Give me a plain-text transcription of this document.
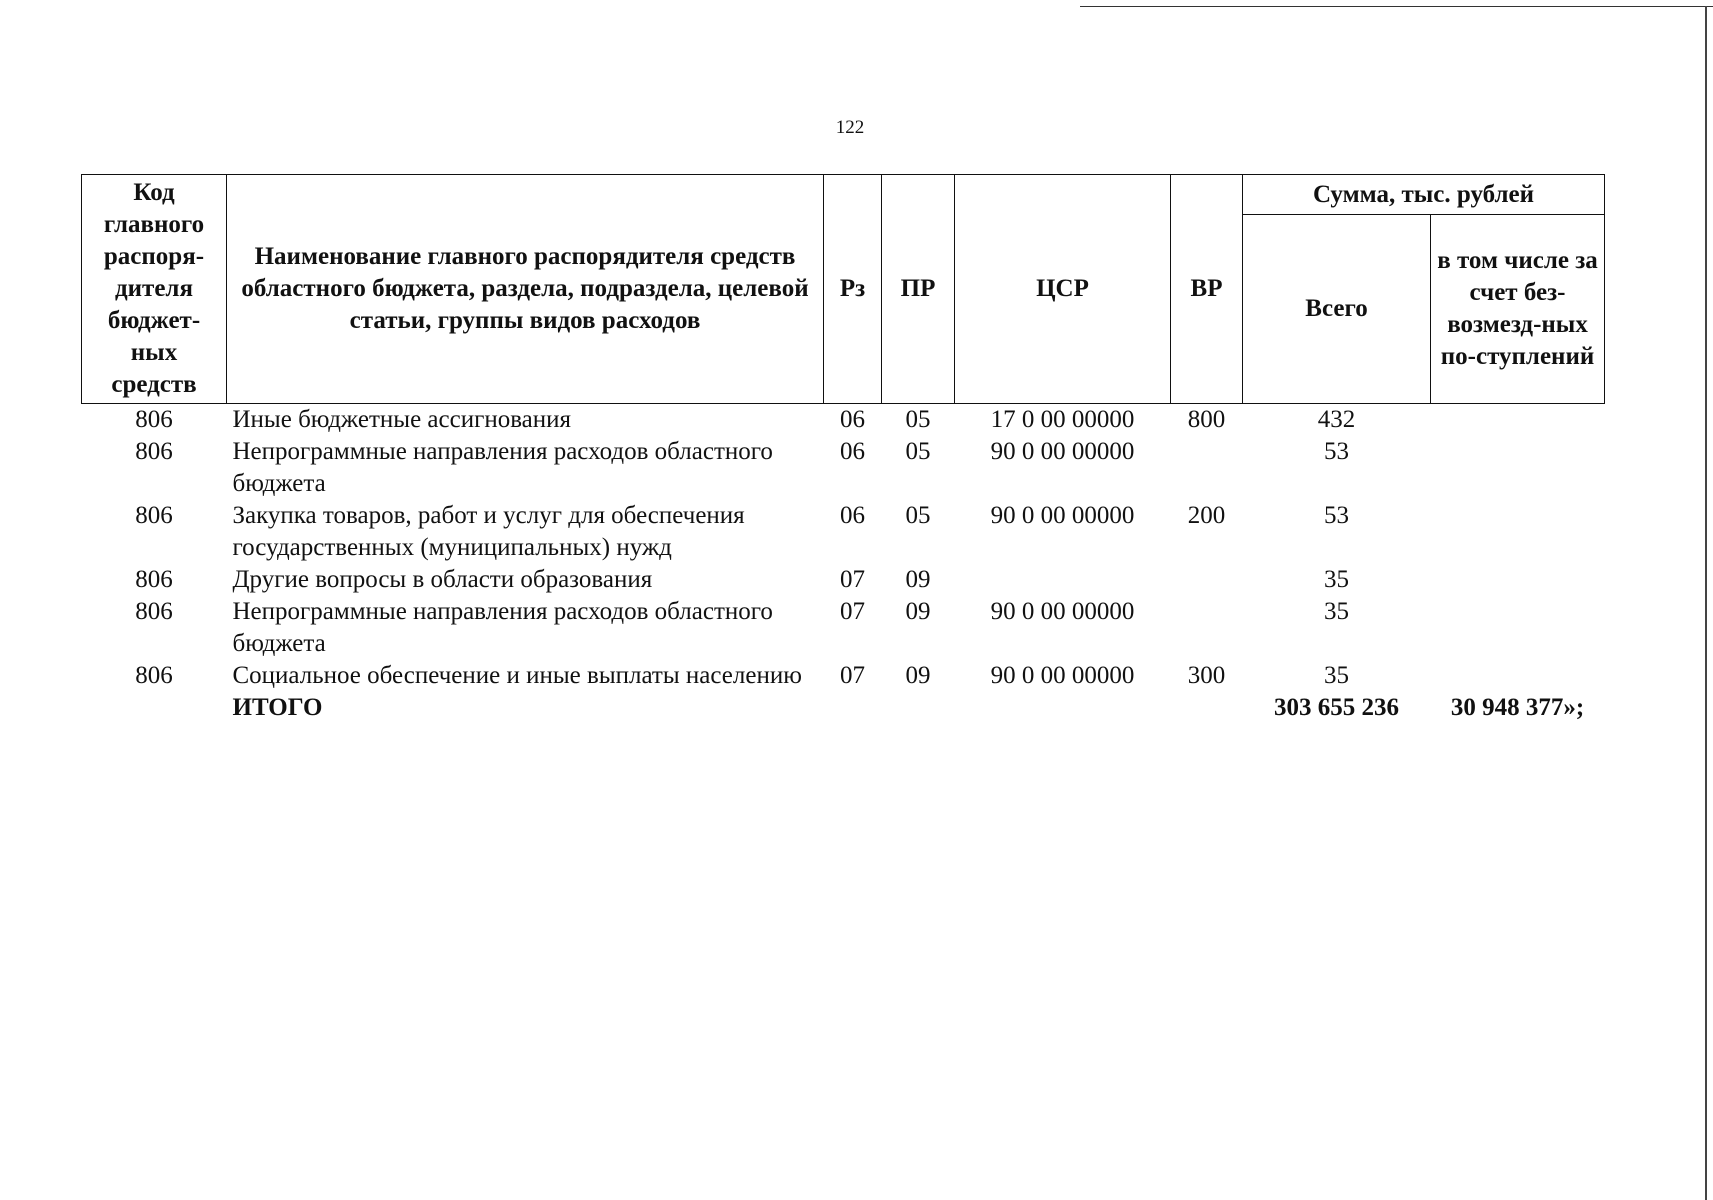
122
Код главного распоря-дителя бюджет-ных средств	Наименование главного распорядителя средств областного бюджета, раздела, подраздела, целевой статьи, группы видов расходов	Рз	ПР	ЦСР	ВР	Сумма, тыс. рублей	
						Всего	в том числе за счет без-возмезд-ных по-ступлений
806	Иные бюджетные ассигнования	06	05	17 0 00 00000	800	432	
806	Непрограммные направления расходов областного бюджета	06	05	90 0 00 00000		53	
806	Закупка товаров, работ и услуг для обеспечения государственных (муниципальных) нужд	06	05	90 0 00 00000	200	53	
806	Другие вопросы в области образования	07	09			35	
806	Непрограммные направления расходов областного бюджета	07	09	90 0 00 00000		35	
806	Социальное обеспечение и иные выплаты населению	07	09	90 0 00 00000	300	35	
	ИТОГО					303 655 236	30 948 377»;
